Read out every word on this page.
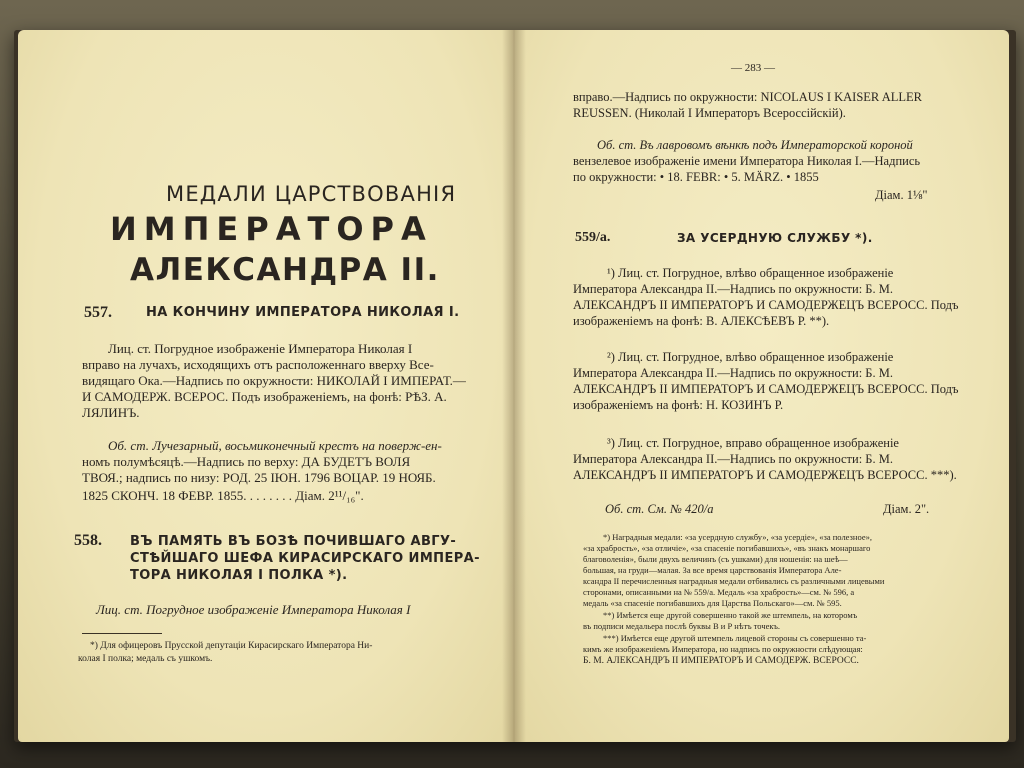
МЕДАЛИ ЦАРСТВОВАНІЯ
ИМПЕРАТОРА
АЛЕКСАНДРА II.
557.	НА КОНЧИНУ ИМПЕРАТОРА НИКОЛАЯ I.
Лиц. ст. Погрудное изображеніе Императора Николая I
вправо на лучахъ, исходящихъ отъ расположеннаго вверху Все-
видящаго Ока.—Надпись по окружности: НИКОЛАЙ I ИМПЕРАТ.—
И САМОДЕРЖ. ВСЕРОС. Подъ изображеніемъ, на фонѣ: РѢЗ. А.
ЛЯЛИНЪ.
Об. ст. Лучезарный, восьмиконечный крестъ на поверж-ен-
номъ полумѣсяцѣ.—Надпись по верху: ДА БУДЕТЪ ВОЛЯ
ТВОЯ.; надпись по низу: РОД. 25 ІЮН. 1796 ВОЦАР. 19 НОЯБ.
1825 СКОНЧ. 18 ФЕВР. 1855. . . . . . . . Діам. 2¹¹/₁₆".
558. ВЪ ПАМЯТЬ ВЪ БОЗѢ ПОЧИВШАГО АВГУ-
СТѢЙШАГО ШЕФА КИРАСИРСКАГО ИМПЕРА-
ТОРА НИКОЛАЯ I ПОЛКА *).
Лиц. ст. Погрудное изображеніе Императора Николая I
*) Для офицеровъ Прусской депутаціи Кирасирскаго Императора Ни-
колая I полка; медаль съ ушкомъ.
— 283 —
вправо.—Надпись по окружности: NICOLAUS I KAISER ALLER
REUSSEN. (Николай I Императоръ Всероссійскій).
Об. ст. Въ лавровомъ вѣнкѣ подъ Императорской короной
вензелевое изображеніе имени Императора Николая I.—Надпись
по окружности: • 18. FEBR: • 5. MÄRZ. • 1855
Діам. 1⅛"
559/а.	ЗА УСЕРДНУЮ СЛУЖБУ *).
¹) Лиц. ст. Погрудное, влѣво обращенное изображеніе
Императора Александра II.—Надпись по окружности: Б. М.
АЛЕКСАНДРЪ II ИМПЕРАТОРЪ И САМОДЕРЖЕЦЪ ВСЕРОСС. Подъ
изображеніемъ на фонѣ: В. АЛЕКСѢЕВЪ Р. **).
²) Лиц. ст. Погрудное, влѣво обращенное изображеніе
Императора Александра II.—Надпись по окружности: Б. М.
АЛЕКСАНДРЪ II ИМПЕРАТОРЪ И САМОДЕРЖЕЦЪ ВСЕРОСС. Подъ
изображеніемъ на фонѣ: Н. КОЗИНЪ Р.
³) Лиц. ст. Погрудное, вправо обращенное изображеніе
Императора Александра II.—Надпись по окружности: Б. М.
АЛЕКСАНДРЪ II ИМПЕРАТОРЪ И САМОДЕРЖЕЦЪ ВСЕРОСС. ***).
Об. ст. См. № 420/а	Діам. 2".
*) Наградныя медали: «за усердную службу», «за усердіе», «за полезное»,
«за храбрость», «за отличіе», «за спасеніе погибавшихъ», «въ знакъ монаршаго
благоволенія», были двухъ величинъ (съ ушками) для ношенія: на шеѣ—
большая, на груди—малая. За все время царствованія Императора Але-
ксандра II перечисленныя наградныя медали отбивались съ различными лицевыми
сторонами, описанными на № 559/а. Медаль «за храбрость»—см. № 596, а
медаль «за спасеніе погибавшихъ для Царства Польскаго»—см. № 595.
**) Имѣется еще другой совершенно такой же штемпель, на которомъ
въ подписи медальера послѣ буквы В и Р нѣтъ точекъ.
***) Имѣется еще другой штемпель лицевой стороны съ совершенно та-
кимъ же изображеніемъ Императора, но надпись по окружности слѣдующая:
Б. М. АЛЕКСАНДРЪ II ИМПЕРАТОРЪ И САМОДЕРЖ. ВСЕРОСС.
